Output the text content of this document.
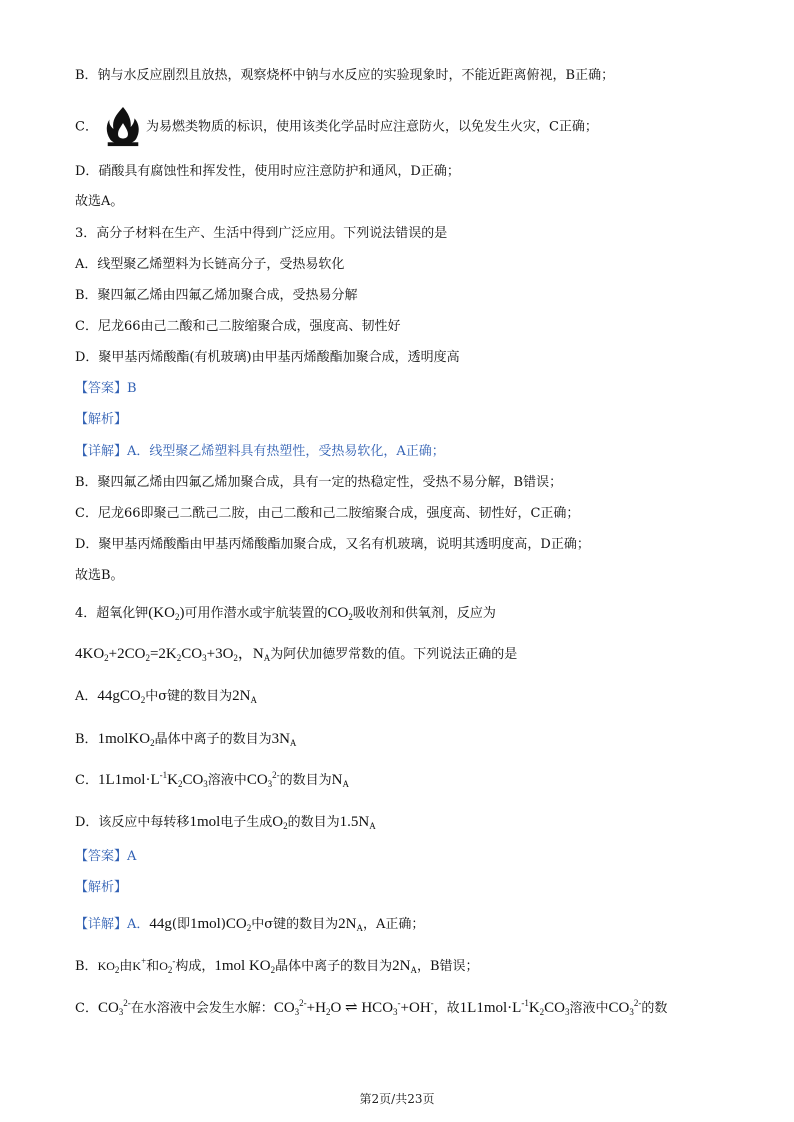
B．钠与水反应剧烈且放热，观察烧杯中钠与水反应的实验现象时，不能近距离俯视，B正确；
C．	为易燃类物质的标识，使用该类化学品时应注意防火，以免发生火灾，C正确；
D．硝酸具有腐蚀性和挥发性，使用时应注意防护和通风，D正确；
故选A。
3．高分子材料在生产、生活中得到广泛应用。下列说法错误的是
A．线型聚乙烯塑料为长链高分子，受热易软化
B．聚四氟乙烯由四氟乙烯加聚合成，受热易分解
C．尼龙66由己二酸和己二胺缩聚合成，强度高、韧性好
D．聚甲基丙烯酸酯(有机玻璃)由甲基丙烯酸酯加聚合成，透明度高
【答案】B
【解析】
【详解】A．线型聚乙烯塑料具有热塑性，受热易软化，A正确；
B．聚四氟乙烯由四氟乙烯加聚合成，具有一定的热稳定性，受热不易分解，B错误；
C．尼龙66即聚己二酰己二胺，由己二酸和己二胺缩聚合成，强度高、韧性好，C正确；
D．聚甲基丙烯酸酯由甲基丙烯酸酯加聚合成，又名有机玻璃，说明其透明度高，D正确；
故选B。
4．超氧化钾$(KO_2)$可用作潜水或宇航装置的$CO_2$吸收剂和供氧剂，反应为
$4KO_2+2CO_2=2K_2CO_3+3O_2$，$N_A$为阿伏加德罗常数的值。下列说法正确的是
A．44gCO$_2$中σ键的数目为$2N_A$
B．1molKO$_2$晶体中离子的数目为$3N_A$
C．$1L1mol\cdot L^{-1}K_2CO_3$溶液中$CO_3^{2-}$的数目为$N_A$
D．该反应中每转移1mol电子生成$O_2$的数目为$1.5N_A$
【答案】A
【解析】
【详解】A．44g(即$1mol)CO_2$中σ键的数目为$2N_A$，A正确；
B．$KO_2$由K+和$O_2^-$构成，1mol $KO_2$晶体中离子的数目为$2N_A$，B错误；
C．$CO_3^{2-}$在水溶液中会发生水解：$CO_3^{2-}+H_2O$ ⇌ $HCO_3^-+OH^-$，故$1L1mol\cdot L^{-1}K_2CO_3$溶液中$CO_3^{2-}$的数
第2页/共23页
